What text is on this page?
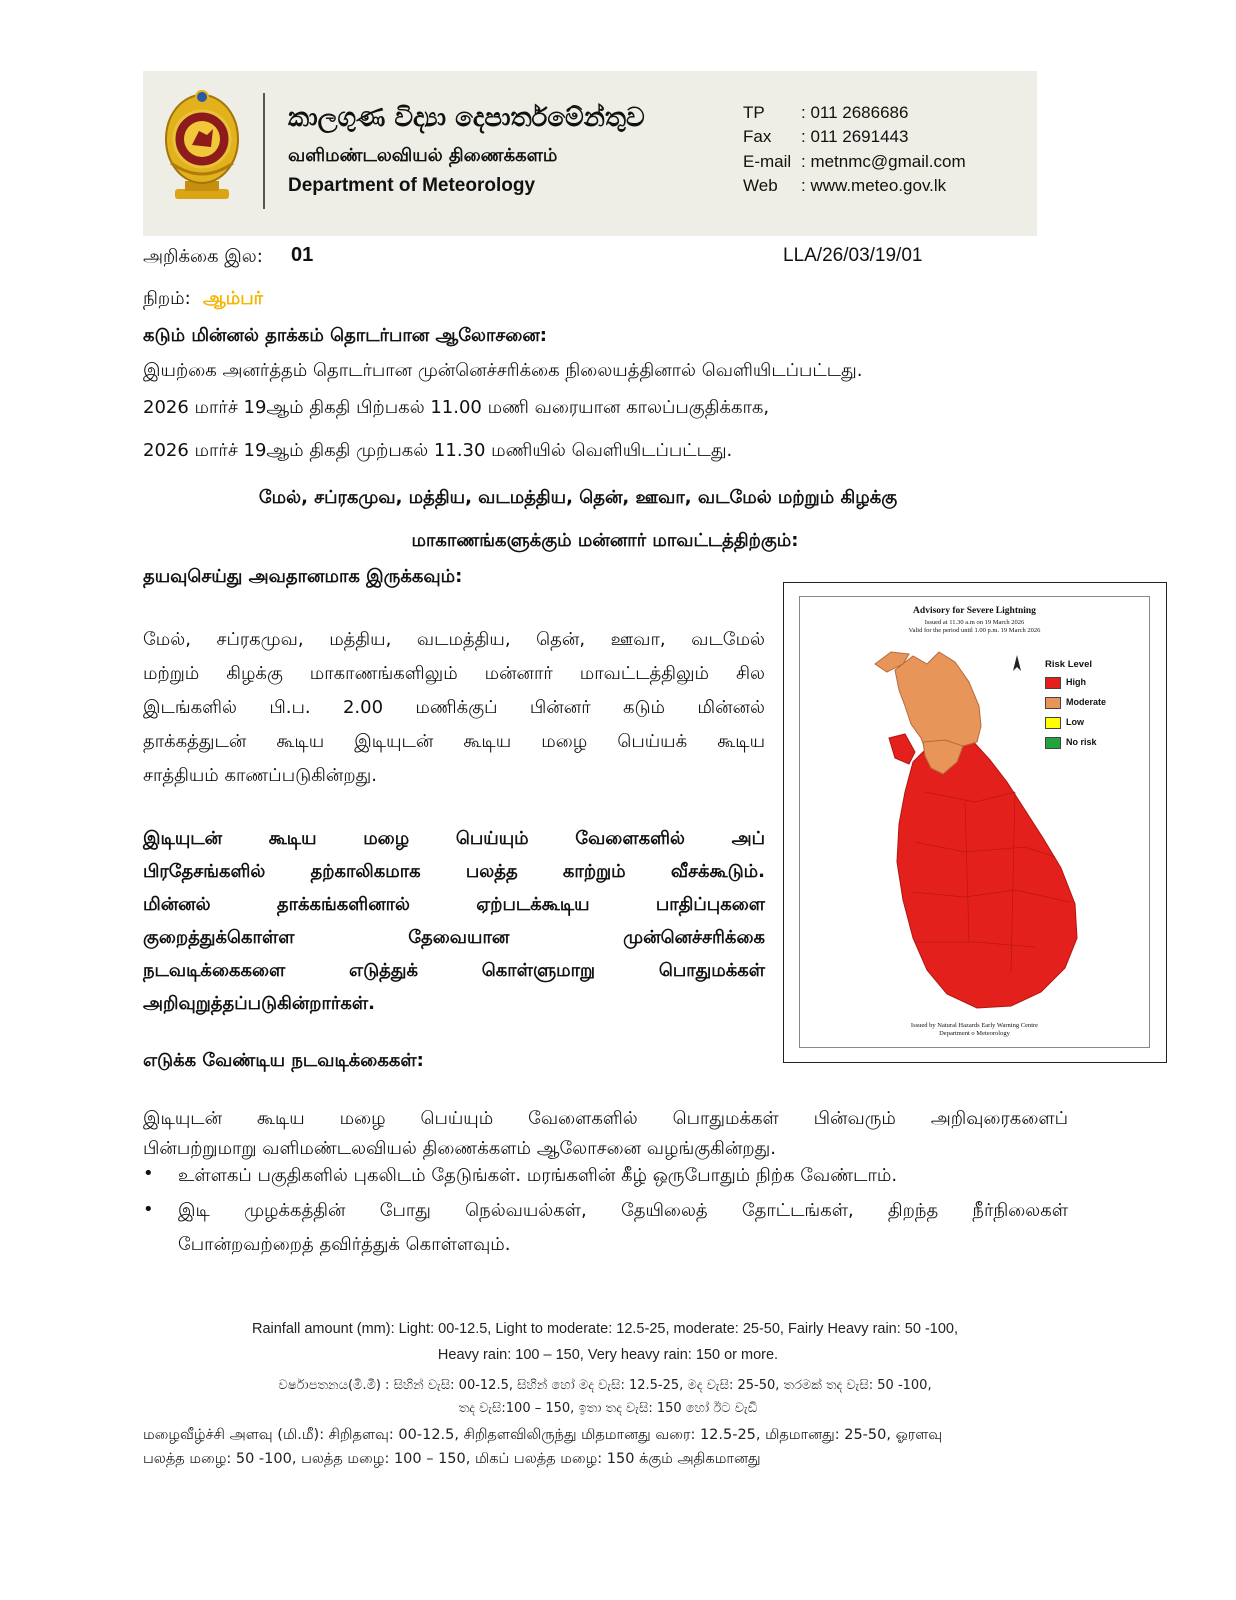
කාලගුණ විද්‍යා දෙපාර්තමේන්තුව
வளிமண்டலவியல் திணைக்களம்
Department of Meteorology
TP : 011 2686686
Fax : 011 2691443
E-mail : metnmc@gmail.com
Web : www.meteo.gov.lk
அறிக்கை இல: 01	LLA/26/03/19/01
நிறம்: ஆம்பர்
கடும் மின்னல் தாக்கம் தொடர்பான ஆலோசனை:
இயற்கை அனர்த்தம் தொடர்பான முன்னெச்சரிக்கை நிலையத்தினால் வெளியிடப்பட்டது.
2026 மார்ச் 19ஆம் திகதி பிற்பகல் 11.00 மணி வரையான காலப்பகுதிக்காக,
2026 மார்ச் 19ஆம் திகதி முற்பகல் 11.30 மணியில் வெளியிடப்பட்டது.
மேல், சப்ரகமுவ, மத்திய, வடமத்திய, தென், ஊவா, வடமேல் மற்றும் கிழக்கு
மாகாணங்களுக்கும் மன்னார் மாவட்டத்திற்கும்:
தயவுசெய்து அவதானமாக இருக்கவும்:
மேல், சப்ரகமுவ, மத்திய, வடமத்திய, தென், ஊவா, வடமேல்
மற்றும் கிழக்கு மாகாணங்களிலும் மன்னார் மாவட்டத்திலும் சில
இடங்களில் பி.ப. 2.00 மணிக்குப் பின்னர் கடும் மின்னல்
தாக்கத்துடன் கூடிய இடியுடன் கூடிய மழை பெய்யக் கூடிய
சாத்தியம் காணப்படுகின்றது.
இடியுடன் கூடிய மழை பெய்யும் வேளைகளில் அப்
பிரதேசங்களில் தற்காலிகமாக பலத்த காற்றும் வீசக்கூடும்.
மின்னல் தாக்கங்களினால் ஏற்படக்கூடிய பாதிப்புகளை
குறைத்துக்கொள்ள தேவையான முன்னெச்சரிக்கை
நடவடிக்கைகளை எடுத்துக் கொள்ளுமாறு பொதுமக்கள்
அறிவுறுத்தப்படுகின்றார்கள்.
Advisory for Severe Lightning
Issued at 11.30 a.m on 19 March 2026
Valid for the period until 1.00 p.m. 19 March 2026
Risk Level
High
Moderate
Low
No risk
Issued by Natural Hazards Early Warning Centre
Department o Meteorology
எடுக்க வேண்டிய நடவடிக்கைகள்:
இடியுடன் கூடிய மழை பெய்யும் வேளைகளில் பொதுமக்கள் பின்வரும் அறிவுரைகளைப்
பின்பற்றுமாறு வளிமண்டலவியல் திணைக்களம் ஆலோசனை வழங்குகின்றது.
• உள்ளகப் பகுதிகளில் புகலிடம் தேடுங்கள். மரங்களின் கீழ் ஒருபோதும் நிற்க வேண்டாம்.
• இடி முழக்கத்தின் போது நெல்வயல்கள், தேயிலைத் தோட்டங்கள், திறந்த நீர்நிலைகள்
போன்றவற்றைத் தவிர்த்துக் கொள்ளவும்.
Rainfall amount (mm): Light: 00-12.5, Light to moderate: 12.5-25, moderate: 25-50, Fairly Heavy rain: 50 -100,
Heavy rain: 100 – 150, Very heavy rain: 150 or more.
වර්ෂාපතනය(මි.මී) : සිහින් වැසි: 00-12.5, සිහින් හෝ මද වැසි: 12.5-25, මද වැසි: 25-50, තරමක් තද වැසි: 50 -100,
තද වැසි:100 – 150, ඉතා තද වැසි: 150 හෝ ඊට වැඩි
மழைவீழ்ச்சி அளவு (மி.மீ): சிறிதளவு: 00-12.5, சிறிதளவிலிருந்து மிதமானது வரை: 12.5-25, மிதமானது: 25-50, ஓரளவு
பலத்த மழை: 50 -100, பலத்த மழை: 100 – 150, மிகப் பலத்த மழை: 150 க்கும் அதிகமானது
